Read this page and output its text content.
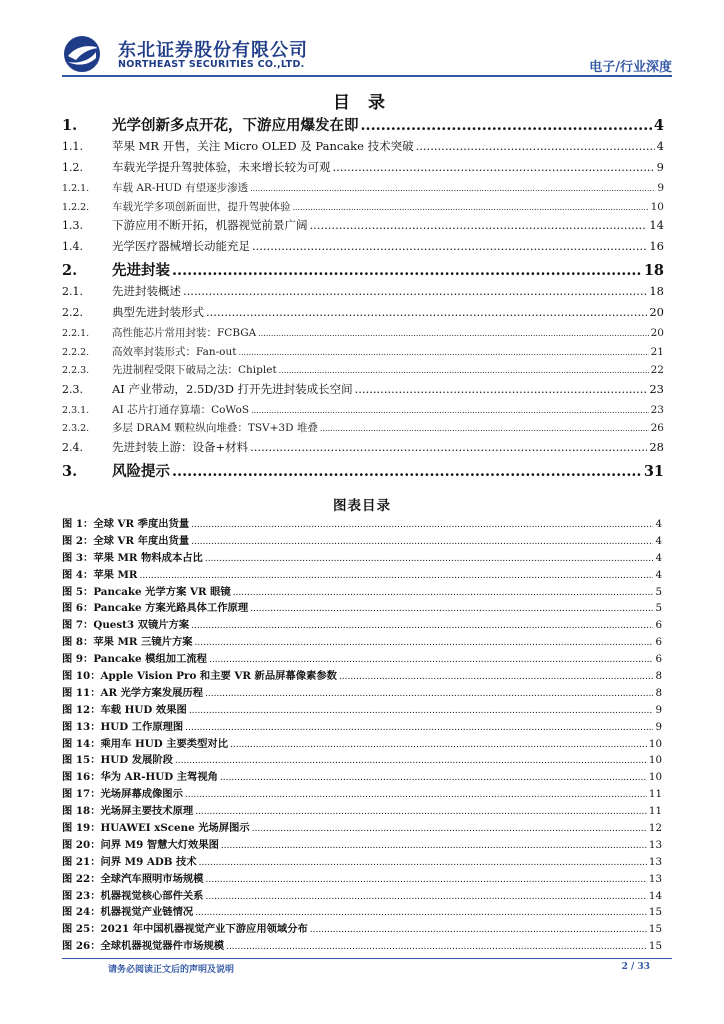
东北证券股份有限公司
NORTHEAST SECURITIES CO.,LTD.	电子/行业深度
目 录
1.	光学创新多点开花，下游应用爆发在即 .....	4
1.1.	苹果 MR 开售，关注 Micro OLED 及 Pancake 技术突破 .....	4
1.2.	车载光学提升驾驶体验，未来增长较为可观 .....	9
1.2.1.	车载 AR-HUD 有望逐步渗透 .....	9
1.2.2.	车载光学多项创新面世，提升驾驶体验 .....	10
1.3.	下游应用不断开拓，机器视觉前景广阔 .....	14
1.4.	光学医疗器械增长动能充足 .....	16
2.	先进封装 .....	18
2.1.	先进封装概述 .....	18
2.2.	典型先进封装形式 .....	20
2.2.1.	高性能芯片常用封装：FCBGA .....	20
2.2.2.	高效率封装形式：Fan-out .....	21
2.2.3.	先进制程受限下破局之法：Chiplet .....	22
2.3.	AI 产业带动，2.5D/3D 打开先进封装成长空间 .....	23
2.3.1.	AI 芯片打通存算墙：CoWoS .....	23
2.3.2.	多层 DRAM 颗粒纵向堆叠：TSV+3D 堆叠 .....	26
2.4.	先进封装上游：设备+材料 .....	28
3.	风险提示 .....	31
图表目录
图 1：全球 VR 季度出货量 .....	4
图 2：全球 VR 年度出货量 .....	4
图 3：苹果 MR 物料成本占比 .....	4
图 4：苹果 MR .....	4
图 5：Pancake 光学方案 VR 眼镜 .....	5
图 6：Pancake 方案光路具体工作原理 .....	5
图 7：Quest3 双镜片方案 .....	6
图 8：苹果 MR 三镜片方案 .....	6
图 9：Pancake 模组加工流程 .....	6
图 10：Apple Vision Pro 和主要 VR 新品屏幕像素参数 .....	8
图 11：AR 光学方案发展历程 .....	8
图 12：车载 HUD 效果图 .....	9
图 13：HUD 工作原理图 .....	9
图 14：乘用车 HUD 主要类型对比 .....	10
图 15：HUD 发展阶段 .....	10
图 16：华为 AR-HUD 主驾视角 .....	10
图 17：光场屏幕成像图示 .....	11
图 18：光场屏主要技术原理 .....	11
图 19：HUAWEI xScene 光场屏图示 .....	12
图 20：问界 M9 智慧大灯效果图 .....	13
图 21：问界 M9 ADB 技术 .....	13
图 22：全球汽车照明市场规模 .....	13
图 23：机器视觉核心部件关系 .....	14
图 24：机器视觉产业链情况 .....	15
图 25：2021 年中国机器视觉产业下游应用领域分布 .....	15
图 26：全球机器视觉器件市场规模 .....	15
请务必阅读正文后的声明及说明	2 / 33
